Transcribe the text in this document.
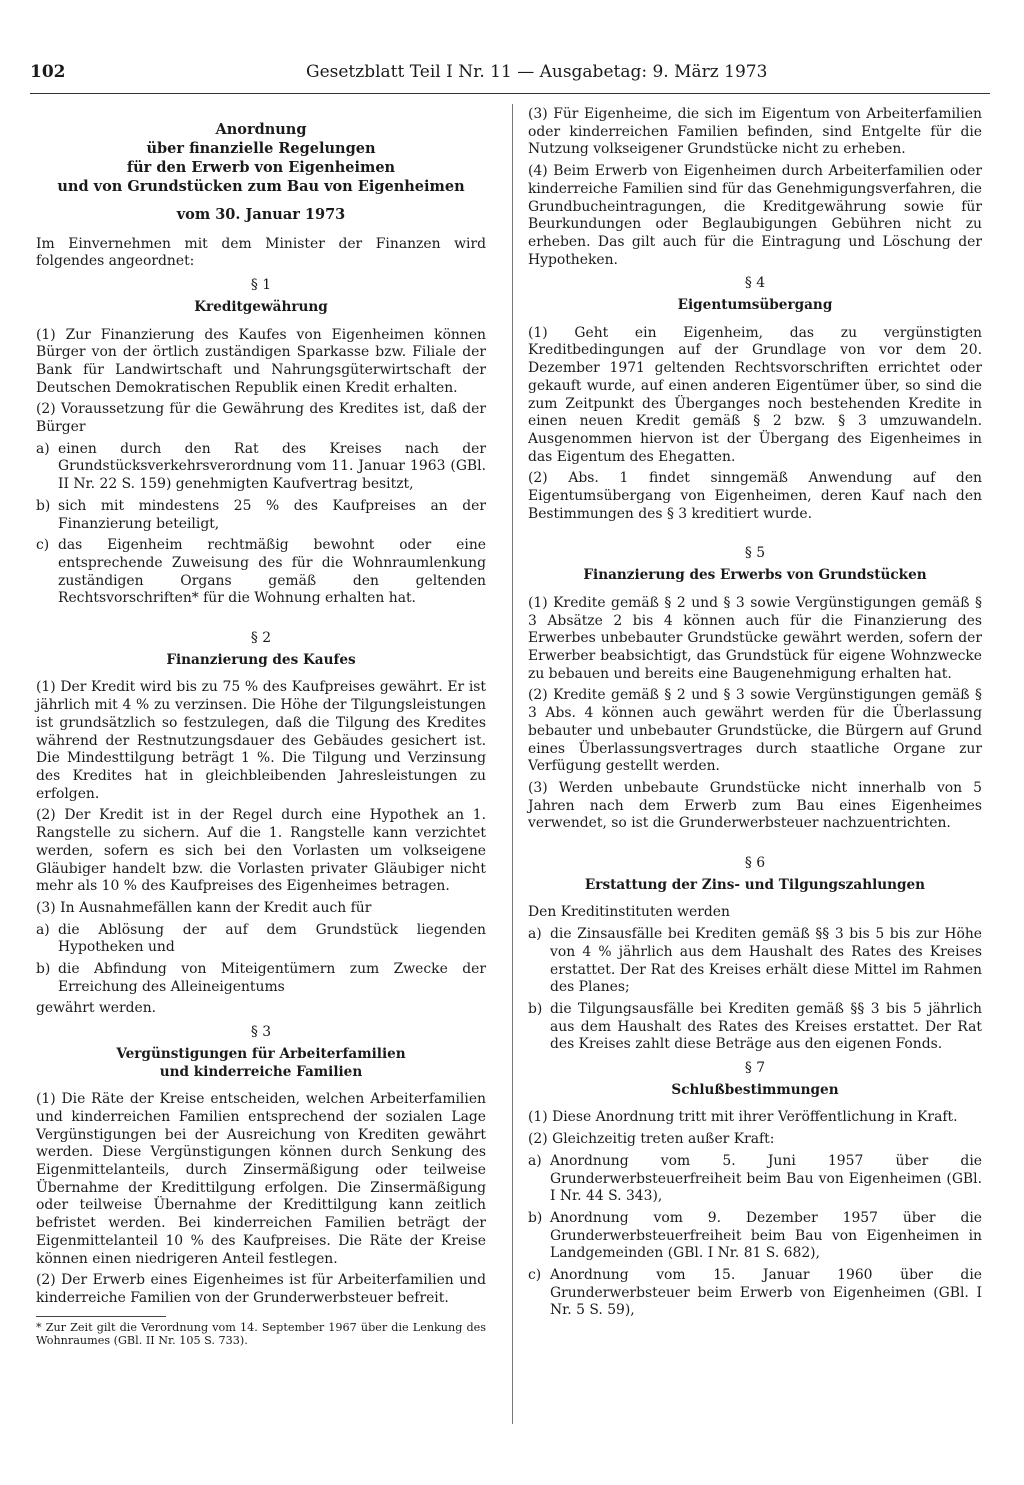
102	Gesetzblatt Teil I Nr. 11 — Ausgabetag: 9. März 1973
Anordnung
über finanzielle Regelungen
für den Erwerb von Eigenheimen
und von Grundstücken zum Bau von Eigenheimen
vom 30. Januar 1973

Im Einvernehmen mit dem Minister der Finanzen wird folgendes angeordnet:

§ 1
Kreditgewährung

(1) Zur Finanzierung des Kaufes von Eigenheimen können Bürger von der örtlich zuständigen Sparkasse bzw. Filiale der Bank für Landwirtschaft und Nahrungsgüterwirtschaft der Deutschen Demokratischen Republik einen Kredit erhalten.

(2) Voraussetzung für die Gewährung des Kredites ist, daß der Bürger

a) einen durch den Rat des Kreises nach der Grundstücksverkehrsverordnung vom 11. Januar 1963 (GBl. II Nr. 22 S. 159) genehmigten Kaufvertrag besitzt,
b) sich mit mindestens 25 % des Kaufpreises an der Finanzierung beteiligt,
c) das Eigenheim rechtmäßig bewohnt oder eine entsprechende Zuweisung des für die Wohnraumlenkung zuständigen Organs gemäß den geltenden Rechtsvorschriften* für die Wohnung erhalten hat.
§ 2
Finanzierung des Kaufes

(1) Der Kredit wird bis zu 75 % des Kaufpreises gewährt. Er ist jährlich mit 4 % zu verzinsen. Die Höhe der Tilgungsleistungen ist grundsätzlich so festzulegen, daß die Tilgung des Kredites während der Restnutzungsdauer des Gebäudes gesichert ist. Die Mindesttilgung beträgt 1 %. Die Tilgung und Verzinsung des Kredites hat in gleichbleibenden Jahresleistungen zu erfolgen.

(2) Der Kredit ist in der Regel durch eine Hypothek an 1. Rangstelle zu sichern. Auf die 1. Rangstelle kann verzichtet werden, sofern es sich bei den Vorlasten um volkseigene Gläubiger handelt bzw. die Vorlasten privater Gläubiger nicht mehr als 10 % des Kaufpreises des Eigenheimes betragen.

(3) In Ausnahmefällen kann der Kredit auch für

a) die Ablösung der auf dem Grundstück liegenden Hypotheken und
b) die Abfindung von Miteigentümern zum Zwecke der Erreichung des Alleineigentums

gewährt werden.

§ 3
Vergünstigungen für Arbeiterfamilien
und kinderreiche Familien

(1) Die Räte der Kreise entscheiden, welchen Arbeiterfamilien und kinderreichen Familien entsprechend der sozialen Lage Vergünstigungen bei der Ausreichung von Krediten gewährt werden. Diese Vergünstigungen können durch Senkung des Eigenmittelanteils, durch Zinsermäßigung oder teilweise Übernahme der Kredittilgung erfolgen. Die Zinsermäßigung oder teilweise Übernahme der Kredittilgung kann zeitlich befristet werden. Bei kinderreichen Familien beträgt der Eigenmittelanteil 10 % des Kaufpreises. Die Räte der Kreise können einen niedrigeren Anteil festlegen.

(2) Der Erwerb eines Eigenheimes ist für Arbeiterfamilien und kinderreiche Familien von der Grunderwerbsteuer befreit.

* Zur Zeit gilt die Verordnung vom 14. September 1967 über die Lenkung des Wohnraumes (GBl. II Nr. 105 S. 733).

(3) Für Eigenheime, die sich im Eigentum von Arbeiterfamilien oder kinderreichen Familien befinden, sind Entgelte für die Nutzung volkseigener Grundstücke nicht zu erheben.

(4) Beim Erwerb von Eigenheimen durch Arbeiterfamilien oder kinderreiche Familien sind für das Genehmigungsverfahren, die Grundbucheintragungen, die Kreditgewährung sowie für Beurkundungen oder Beglaubigungen Gebühren nicht zu erheben. Das gilt auch für die Eintragung und Löschung der Hypotheken.

§ 4
Eigentumsübergang

(1) Geht ein Eigenheim, das zu vergünstigten Kreditbedingungen auf der Grundlage von vor dem 20. Dezember 1971 geltenden Rechtsvorschriften errichtet oder gekauft wurde, auf einen anderen Eigentümer über, so sind die zum Zeitpunkt des Überganges noch bestehenden Kredite in einen neuen Kredit gemäß § 2 bzw. § 3 umzuwandeln. Ausgenommen hiervon ist der Übergang des Eigenheimes in das Eigentum des Ehegatten.

(2) Abs. 1 findet sinngemäß Anwendung auf den Eigentumsübergang von Eigenheimen, deren Kauf nach den Bestimmungen des § 3 kreditiert wurde.

§ 5
Finanzierung des Erwerbs von Grundstücken

(1) Kredite gemäß § 2 und § 3 sowie Vergünstigungen gemäß § 3 Absätze 2 bis 4 können auch für die Finanzierung des Erwerbes unbebauter Grundstücke gewährt werden, sofern der Erwerber beabsichtigt, das Grundstück für eigene Wohnzwecke zu bebauen und bereits eine Baugenehmigung erhalten hat.

(2) Kredite gemäß § 2 und § 3 sowie Vergünstigungen gemäß § 3 Abs. 4 können auch gewährt werden für die Überlassung bebauter und unbebauter Grundstücke, die Bürgern auf Grund eines Überlassungsvertrages durch staatliche Organe zur Verfügung gestellt werden.

(3) Werden unbebaute Grundstücke nicht innerhalb von 5 Jahren nach dem Erwerb zum Bau eines Eigenheimes verwendet, so ist die Grunderwerbsteuer nachzuentrichten.

§ 6
Erstattung der Zins- und Tilgungszahlungen

Den Kreditinstituten werden

a) die Zinsausfälle bei Krediten gemäß §§ 3 bis 5 bis zur Höhe von 4 % jährlich aus dem Haushalt des Rates des Kreises erstattet. Der Rat des Kreises erhält diese Mittel im Rahmen des Planes;
b) die Tilgungsausfälle bei Krediten gemäß §§ 3 bis 5 jährlich aus dem Haushalt des Rates des Kreises erstattet. Der Rat des Kreises zahlt diese Beträge aus den eigenen Fonds.
§ 7
Schlußbestimmungen

(1) Diese Anordnung tritt mit ihrer Veröffentlichung in Kraft.

(2) Gleichzeitig treten außer Kraft:

a) Anordnung vom 5. Juni 1957 über die Grunderwerbsteuerfreiheit beim Bau von Eigenheimen (GBl. I Nr. 44 S. 343),
b) Anordnung vom 9. Dezember 1957 über die Grunderwerbsteuerfreiheit beim Bau von Eigenheimen in Landgemeinden (GBl. I Nr. 81 S. 682),
c) Anordnung vom 15. Januar 1960 über die Grunderwerbsteuer beim Erwerb von Eigenheimen (GBl. I Nr. 5 S. 59),
